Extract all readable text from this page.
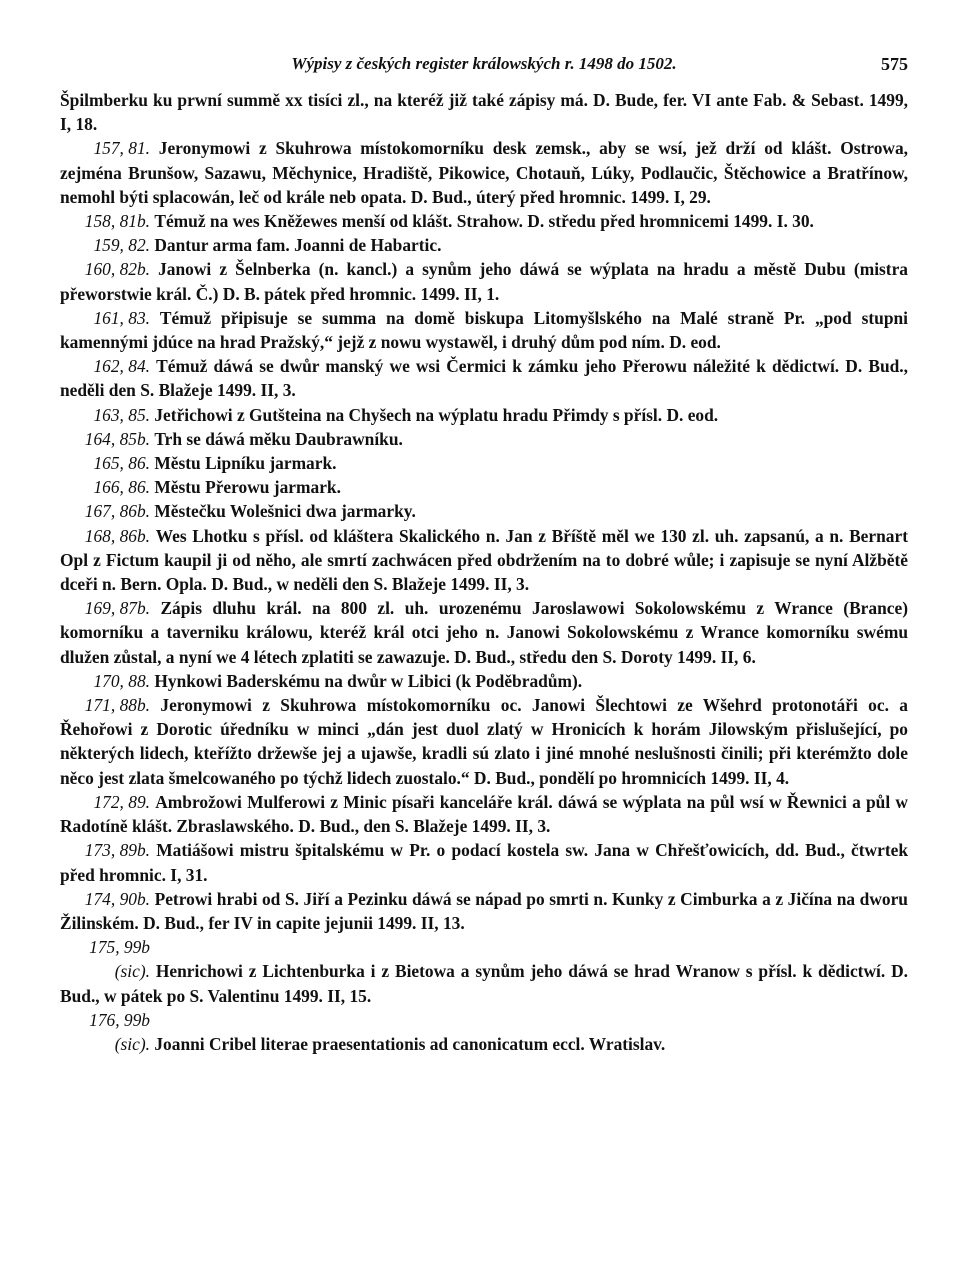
Wýpisy z českých register králowských r. 1498 do 1502.	575

Špilmberku ku prwní summě xx tisíci zl., na kteréž již také zápisy má. D. Bude, fer. VI ante Fab. & Sebast. 1499, I, 18.

157, 81. Jeronymowi z Skuhrowa místokomorníku desk zemsk., aby se wsí, jež drží od klášt. Ostrowa, zejména Brunšow, Sazawu, Měchynice, Hradiště, Pikowice, Chotauň, Lúky, Podlaučic, Štěchowice a Bratřínow, nemohl býti splacowán, leč od krále neb opata. D. Bud., úterý před hromnic. 1499. I, 29.

158, 81b. Témuž na wes Kněžewes menší od klášt. Strahow. D. středu před hromnicemi 1499. I. 30.

159, 82. Dantur arma fam. Joanni de Habartic.

160, 82b. Janowi z Šelnberka (n. kancl.) a synům jeho dáwá se wýplata na hradu a městě Dubu (mistra přeworstwie král. Č.) D. B. pátek před hromnic. 1499. II, 1.

161, 83. Témuž připisuje se summa na domě biskupa Litomyšlského na Malé straně Pr. „pod stupni kamennými jdúce na hrad Pražský,“ jejž z nowu wystawěl, i druhý dům pod ním. D. eod.

162, 84. Témuž dáwá se dwůr manský we wsi Čermici k zámku jeho Přerowu náležité k dědictwí. D. Bud., neděli den S. Blažeje 1499. II, 3.

163, 85. Jetřichowi z Gutšteina na Chyšech na wýplatu hradu Přimdy s přísl. D. eod.

164, 85b. Trh se dáwá měku Daubrawníku.

165, 86. Městu Lipníku jarmark.

166, 86. Městu Přerowu jarmark.

167, 86b. Městečku Wolešnici dwa jarmarky.

168, 86b. Wes Lhotku s přísl. od kláštera Skalického n. Jan z Bříště měl we 130 zl. uh. zapsanú, a n. Bernart Opl z Fictum kaupil ji od něho, ale smrtí zachwácen před obdržením na to dobré wůle; i zapisuje se nyní Alžbětě dceři n. Bern. Opla. D. Bud., w neděli den S. Blažeje 1499. II, 3.

169, 87b. Zápis dluhu král. na 800 zl. uh. urozenému Jaroslawowi Sokolowskému z Wrance (Brance) komorníku a taverniku králowu, kteréž král otci jeho n. Janowi Sokolowskému z Wrance komorníku swému dlužen zůstal, a nyní we 4 létech zplatiti se zawazuje. D. Bud., středu den S. Doroty 1499. II, 6.

170, 88. Hynkowi Baderskému na dwůr w Libici (k Poděbradům).

171, 88b. Jeronymowi z Skuhrowa místokomorníku oc. Janowi Šlechtowi ze Wšehrd protonotáři oc. a Řehořowi z Dorotic úředníku w minci „dán jest duol zlatý w Hronicích k horám Jilowským přislušející, po některých lidech, kteřížto držewše jej a ujawše, kradli sú zlato i jiné mnohé neslušnosti činili; při kterémžto dole něco jest zlata šmelcowaného po týchž lidech zuostalo.“ D. Bud., pondělí po hromnicích 1499. II, 4.

172, 89. Ambrožowi Mulferowi z Minic písaři kanceláře král. dáwá se wýplata na půl wsí w Řewnici a půl w Radotíně klášt. Zbraslawského. D. Bud., den S. Blažeje 1499. II, 3.

173, 89b. Matiášowi mistru špitalskému w Pr. o podací kostela sw. Jana w Chřešťowicích, dd. Bud., čtwrtek před hromnic. I, 31.

174, 90b. Petrowi hrabi od S. Jiří a Pezinku dáwá se nápad po smrti n. Kunky z Cimburka a z Jičína na dworu Žilinském. D. Bud., fer IV in capite jejunii 1499. II, 13.

175, 99b (sic). Henrichowi z Lichtenburka i z Bietowa a synům jeho dáwá se hrad Wranow s přísl. k dědictwí. D. Bud., w pátek po S. Valentinu 1499. II, 15.

176, 99b (sic). Joanni Cribel literae praesentationis ad canonicatum eccl. Wratislav.
